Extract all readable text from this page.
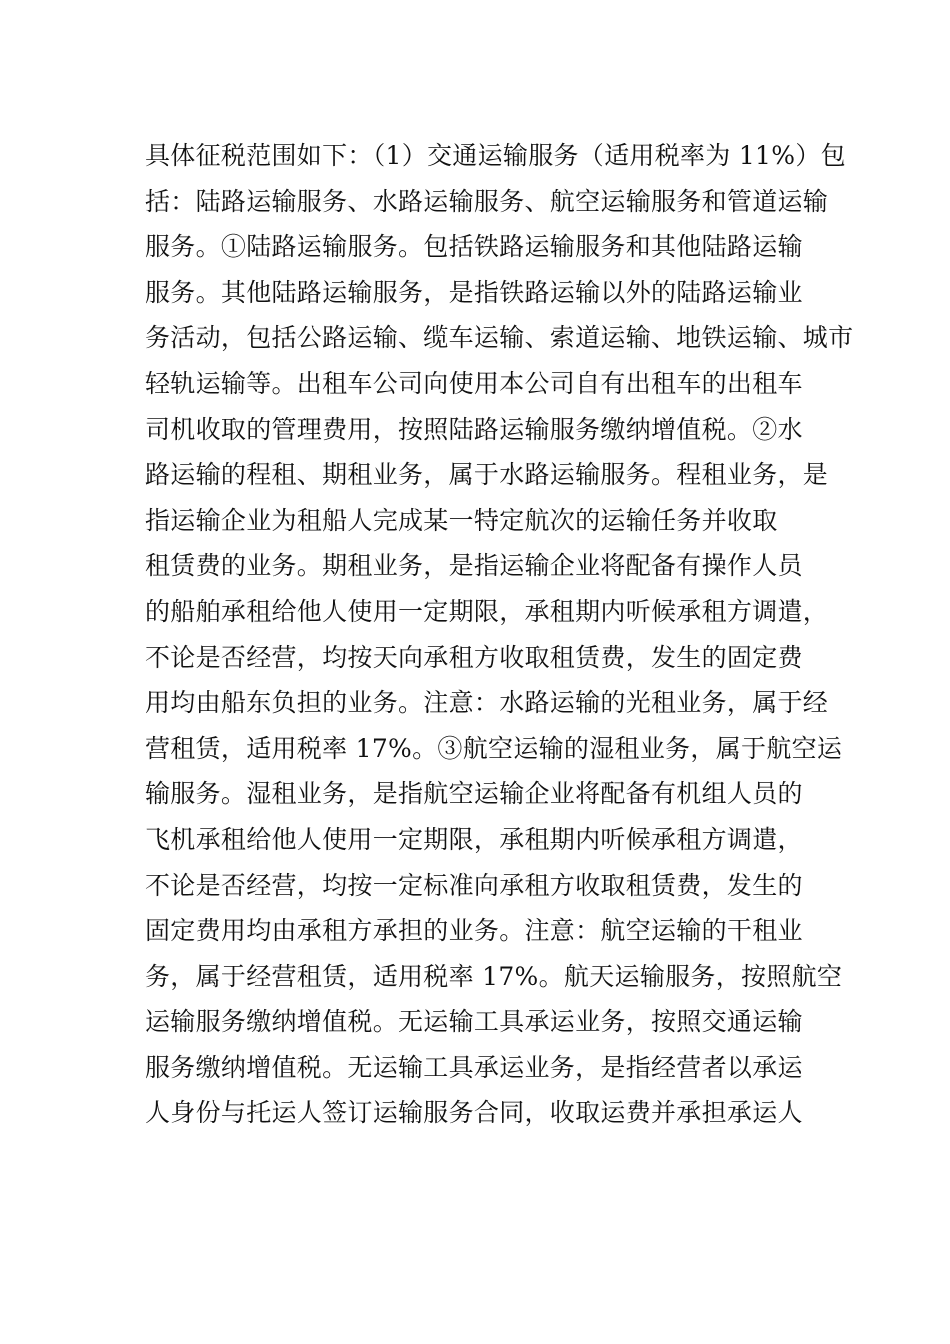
具体征税范围如下：（1）交通运输服务（适用税率为 11%）包
括：陆路运输服务、水路运输服务、航空运输服务和管道运输
服务。①陆路运输服务。包括铁路运输服务和其他陆路运输
服务。其他陆路运输服务，是指铁路运输以外的陆路运输业
务活动，包括公路运输、缆车运输、索道运输、地铁运输、城市
轻轨运输等。出租车公司向使用本公司自有出租车的出租车
司机收取的管理费用，按照陆路运输服务缴纳增值税。②水
路运输的程租、期租业务，属于水路运输服务。程租业务，是
指运输企业为租船人完成某一特定航次的运输任务并收取
租赁费的业务。期租业务，是指运输企业将配备有操作人员
的船舶承租给他人使用一定期限，承租期内听候承租方调遣，
不论是否经营，均按天向承租方收取租赁费，发生的固定费
用均由船东负担的业务。注意：水路运输的光租业务，属于经
营租赁，适用税率 17%。③航空运输的湿租业务，属于航空运
输服务。湿租业务，是指航空运输企业将配备有机组人员的
飞机承租给他人使用一定期限，承租期内听候承租方调遣，
不论是否经营，均按一定标准向承租方收取租赁费，发生的
固定费用均由承租方承担的业务。注意：航空运输的干租业
务，属于经营租赁，适用税率 17%。航天运输服务，按照航空
运输服务缴纳增值税。无运输工具承运业务，按照交通运输
服务缴纳增值税。无运输工具承运业务，是指经营者以承运
人身份与托运人签订运输服务合同，收取运费并承担承运人
